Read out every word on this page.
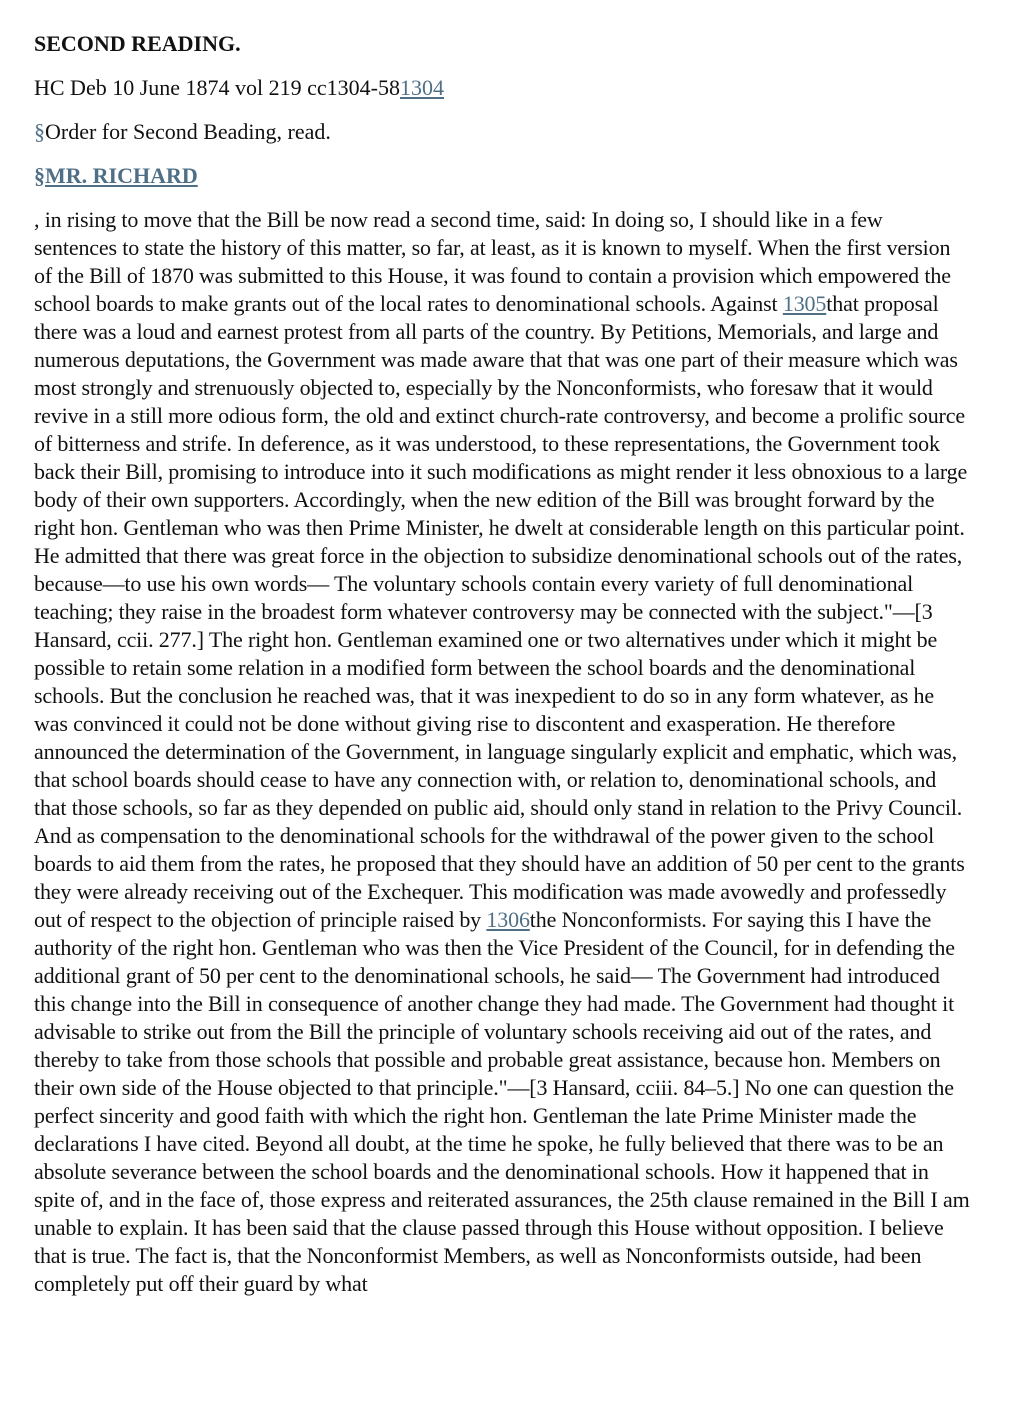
SECOND READING.
HC Deb 10 June 1874 vol 219 cc1304-581304
§Order for Second Beading, read.
§MR. RICHARD

, in rising to move that the Bill be now read a second time, said: In doing so, I should like in a few sentences to state the history of this matter, so far, at least, as it is known to myself. When the first version of the Bill of 1870 was submitted to this House, it was found to contain a provision which empowered the school boards to make grants out of the local rates to denominational schools. Against 1305that proposal there was a loud and earnest protest from all parts of the country. By Petitions, Memorials, and large and numerous deputations, the Government was made aware that that was one part of their measure which was most strongly and strenuously objected to, especially by the Nonconformists, who foresaw that it would revive in a still more odious form, the old and extinct church-rate controversy, and become a prolific source of bitterness and strife. In deference, as it was understood, to these representations, the Government took back their Bill, promising to introduce into it such modifications as might render it less obnoxious to a large body of their own supporters. Accordingly, when the new edition of the Bill was brought forward by the right hon. Gentleman who was then Prime Minister, he dwelt at considerable length on this particular point. He admitted that there was great force in the objection to subsidize denominational schools out of the rates, because—to use his own words— The voluntary schools contain every variety of full denominational teaching; they raise in the broadest form whatever controversy may be connected with the subject."—[3 Hansard, ccii. 277.] The right hon. Gentleman examined one or two alternatives under which it might be possible to retain some relation in a modified form between the school boards and the denominational schools. But the conclusion he reached was, that it was inexpedient to do so in any form whatever, as he was convinced it could not be done without giving rise to discontent and exasperation. He therefore announced the determination of the Government, in language singularly explicit and emphatic, which was, that school boards should cease to have any connection with, or relation to, denominational schools, and that those schools, so far as they depended on public aid, should only stand in relation to the Privy Council. And as compensation to the denominational schools for the withdrawal of the power given to the school boards to aid them from the rates, he proposed that they should have an addition of 50 per cent to the grants they were already receiving out of the Exchequer. This modification was made avowedly and professedly out of respect to the objection of principle raised by 1306the Nonconformists. For saying this I have the authority of the right hon. Gentleman who was then the Vice President of the Council, for in defending the additional grant of 50 per cent to the denominational schools, he said— The Government had introduced this change into the Bill in consequence of another change they had made. The Government had thought it advisable to strike out from the Bill the principle of voluntary schools receiving aid out of the rates, and thereby to take from those schools that possible and probable great assistance, because hon. Members on their own side of the House objected to that principle."—[3 Hansard, cciii. 84–5.] No one can question the perfect sincerity and good faith with which the right hon. Gentleman the late Prime Minister made the declarations I have cited. Beyond all doubt, at the time he spoke, he fully believed that there was to be an absolute severance between the school boards and the denominational schools. How it happened that in spite of, and in the face of, those express and reiterated assurances, the 25th clause remained in the Bill I am unable to explain. It has been said that the clause passed through this House without opposition. I believe that is true. The fact is, that the Nonconformist Members, as well as Nonconformists outside, had been completely put off their guard by what
